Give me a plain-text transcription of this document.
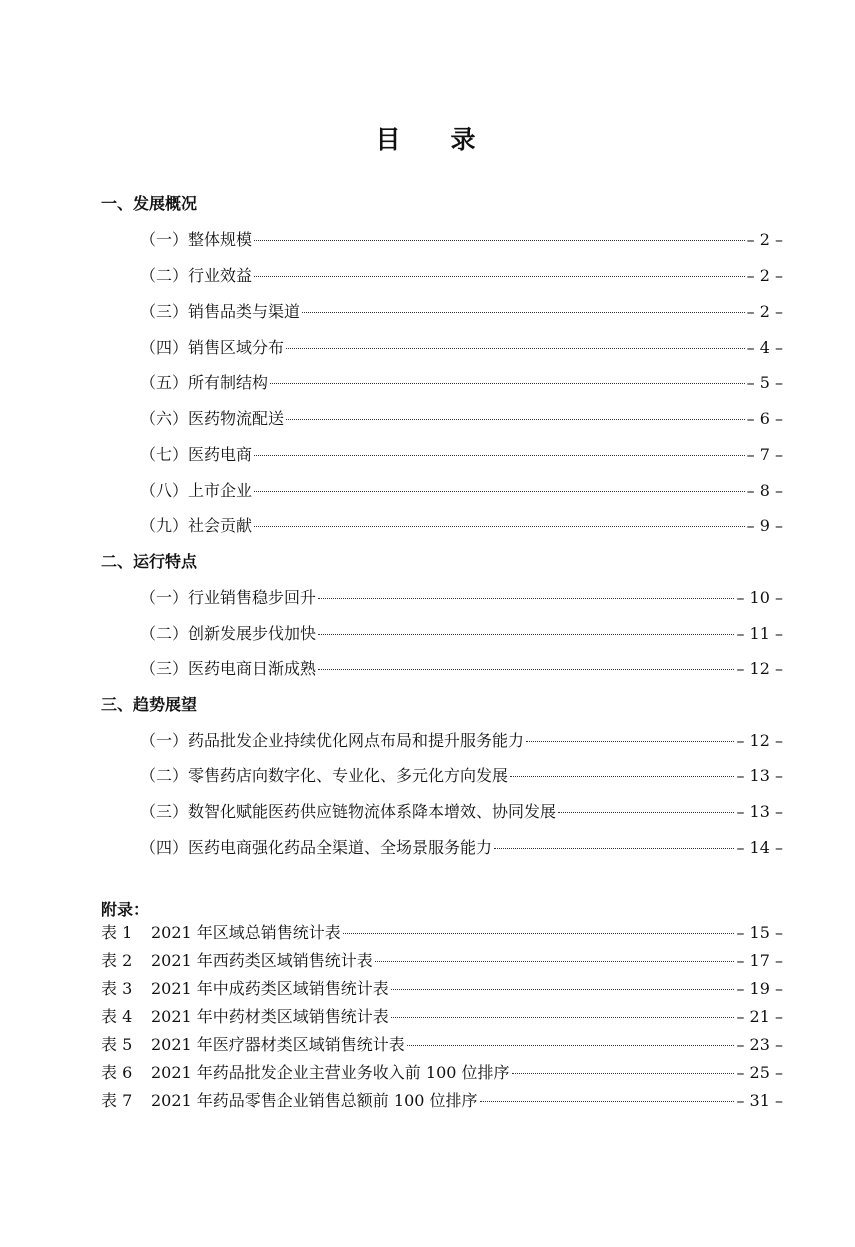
目 录
一、发展概况
（一）整体规模	– 2 –
（二）行业效益	– 2 –
（三）销售品类与渠道	– 2 –
（四）销售区域分布	– 4 –
（五）所有制结构	– 5 –
（六）医药物流配送	– 6 –
（七）医药电商	– 7 –
（八）上市企业	– 8 –
（九）社会贡献	– 9 –
二、运行特点
（一）行业销售稳步回升	– 10 –
（二）创新发展步伐加快	– 11 –
（三）医药电商日渐成熟	– 12 –
三、趋势展望
（一）药品批发企业持续优化网点布局和提升服务能力	– 12 –
（二）零售药店向数字化、专业化、多元化方向发展	– 13 –
（三）数智化赋能医药供应链物流体系降本增效、协同发展	– 13 –
（四）医药电商强化药品全渠道、全场景服务能力	– 14 –
附录：
表 1 2021 年区域总销售统计表	– 15 –
表 2 2021 年西药类区域销售统计表	– 17 –
表 3 2021 年中成药类区域销售统计表	– 19 –
表 4 2021 年中药材类区域销售统计表	– 21 –
表 5 2021 年医疗器材类区域销售统计表	– 23 –
表 6 2021 年药品批发企业主营业务收入前 100 位排序	– 25 –
表 7 2021 年药品零售企业销售总额前 100 位排序	– 31 –
